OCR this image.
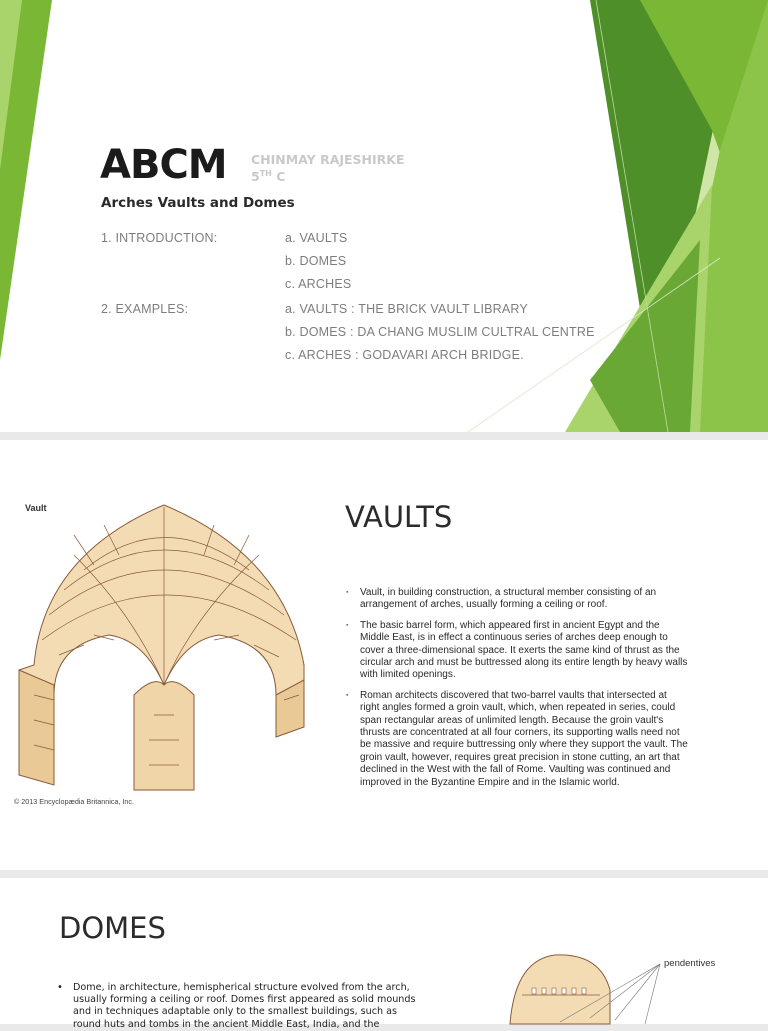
ABCM CHINMAY RAJESHIRKE
5TH C
Arches Vaults and Domes
1. INTRODUCTION:	a. VAULTS
b. DOMES
c. ARCHES
2. EXAMPLES:	a. VAULTS : THE BRICK VAULT LIBRARY
b. DOMES : DA CHANG MUSLIM CULTRAL CENTRE
c. ARCHES : GODAVARI ARCH BRIDGE.
Vault
© 2013 Encyclopædia Britannica, Inc.
VAULTS
▪ Vault, in building construction, a structural member consisting of an arrangement of arches, usually forming a ceiling or roof.
▪ The basic barrel form, which appeared first in ancient Egypt and the Middle East, is in effect a continuous series of arches deep enough to cover a three-dimensional space. It exerts the same kind of thrust as the circular arch and must be buttressed along its entire length by heavy walls with limited openings.
▪ Roman architects discovered that two-barrel vaults that intersected at right angles formed a groin vault, which, when repeated in series, could span rectangular areas of unlimited length. Because the groin vault's thrusts are concentrated at all four corners, its supporting walls need not be massive and require buttressing only where they support the vault. The groin vault, however, requires great precision in stone cutting, an art that declined in the West with the fall of Rome. Vaulting was continued and improved in the Byzantine Empire and in the Islamic world.
DOMES
• Dome, in architecture, hemispherical structure evolved from the arch, usually forming a ceiling or roof. Domes first appeared as solid mounds and in techniques adaptable only to the smallest buildings, such as round huts and tombs in the ancient Middle East, India, and the
pendentives
